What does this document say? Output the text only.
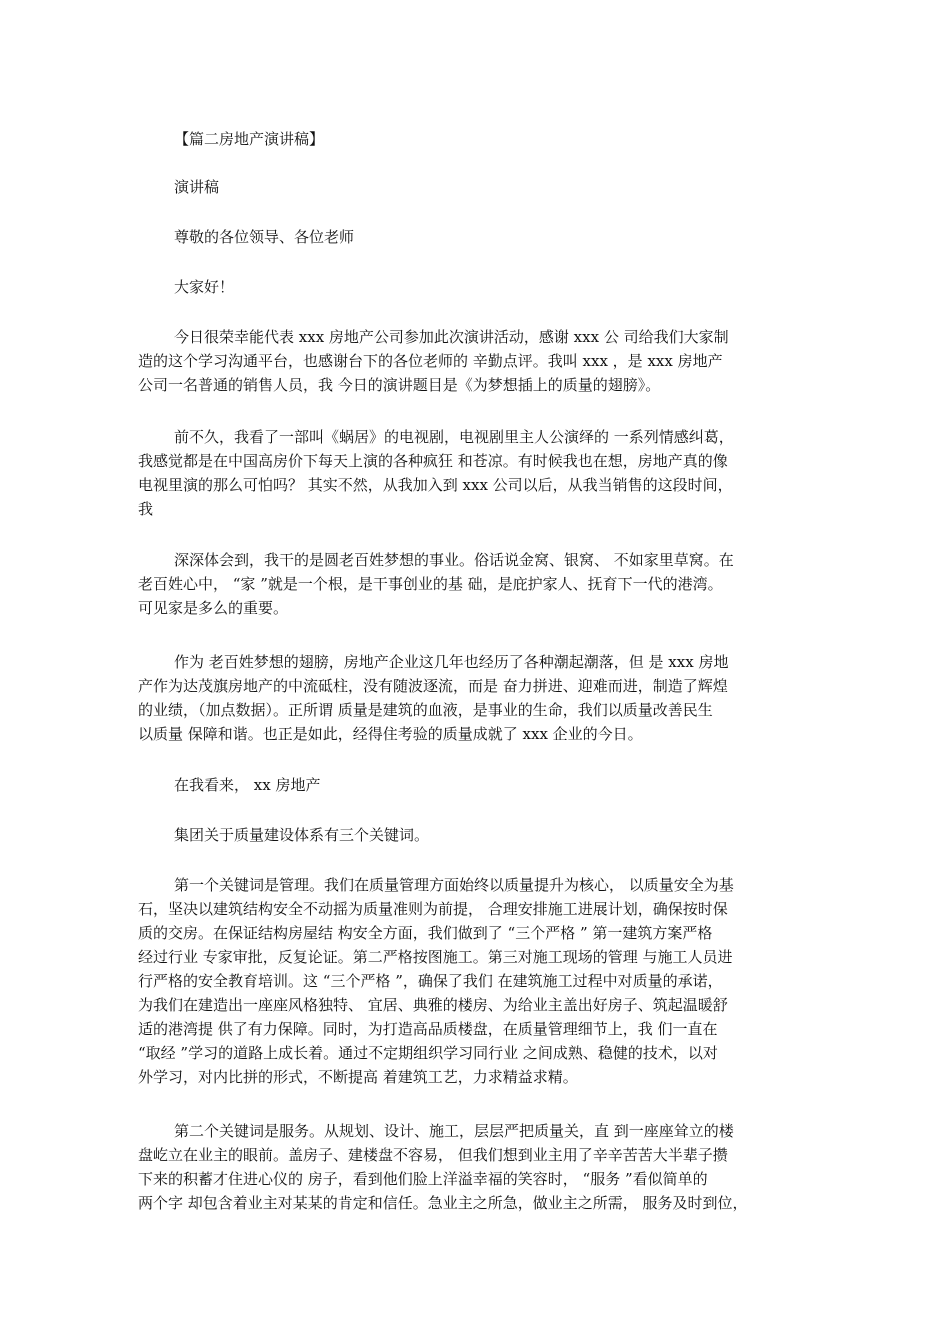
【篇二房地产演讲稿】

演讲稿

尊敬的各位领导、各位老师

大家好！

今日很荣幸能代表 xxx 房地产公司参加此次演讲活动，感谢 xxx 公 司给我们大家制
造的这个学习沟通平台，也感谢台下的各位老师的 辛勤点评。我叫 xxx ，是 xxx 房地产
公司一名普通的销售人员，我 今日的演讲题目是《为梦想插上的质量的翅膀》。

前不久，我看了一部叫《蜗居》的电视剧，电视剧里主人公演绎的 一系列情感纠葛，
我感觉都是在中国高房价下每天上演的各种疯狂 和苍凉。有时候我也在想，房地产真的像
电视里演的那么可怕吗？ 其实不然，从我加入到 xxx 公司以后，从我当销售的这段时间，
我

深深体会到，我干的是圆老百姓梦想的事业。俗话说金窝、银窝、 不如家里草窝。在
老百姓心中， “家 ”就是一个根，是干事创业的基 础，是庇护家人、抚育下一代的港湾。
可见家是多么的重要。

作为 老百姓梦想的翅膀，房地产企业这几年也经历了各种潮起潮落，但 是 xxx 房地
产作为达茂旗房地产的中流砥柱，没有随波逐流，而是 奋力拼进、迎难而进，制造了辉煌
的业绩，（加点数据）。正所谓 质量是建筑的血液，是事业的生命，我们以质量改善民生
以质量 保障和谐。也正是如此，经得住考验的质量成就了 xxx 企业的今日。

在我看来， xx 房地产

集团关于质量建设体系有三个关键词。

第一个关键词是管理。我们在质量管理方面始终以质量提升为核心， 以质量安全为基
石，坚决以建筑结构安全不动摇为质量准则为前提， 合理安排施工进展计划，确保按时保
质的交房。在保证结构房屋结 构安全方面，我们做到了 “三个严格 ” 第一建筑方案严格
经过行业 专家审批，反复论证。第二严格按图施工。第三对施工现场的管理 与施工人员进
行严格的安全教育培训。这 “三个严格 ”，确保了我们 在建筑施工过程中对质量的承诺，
为我们在建造出一座座风格独特、 宜居、典雅的楼房、为给业主盖出好房子、筑起温暖舒
适的港湾提 供了有力保障。同时，为打造高品质楼盘，在质量管理细节上，我 们一直在
“取经 ”学习的道路上成长着。通过不定期组织学习同行业 之间成熟、稳健的技术，以对
外学习，对内比拼的形式，不断提高 着建筑工艺，力求精益求精。

第二个关键词是服务。从规划、设计、施工，层层严把质量关，直 到一座座耸立的楼
盘屹立在业主的眼前。盖房子、建楼盘不容易， 但我们想到业主用了辛辛苦苦大半辈子攒
下来的积蓄才住进心仪的 房子，看到他们脸上洋溢幸福的笑容时， “服务 ”看似简单的
两个字 却包含着业主对某某的肯定和信任。急业主之所急，做业主之所需， 服务及时到位，
